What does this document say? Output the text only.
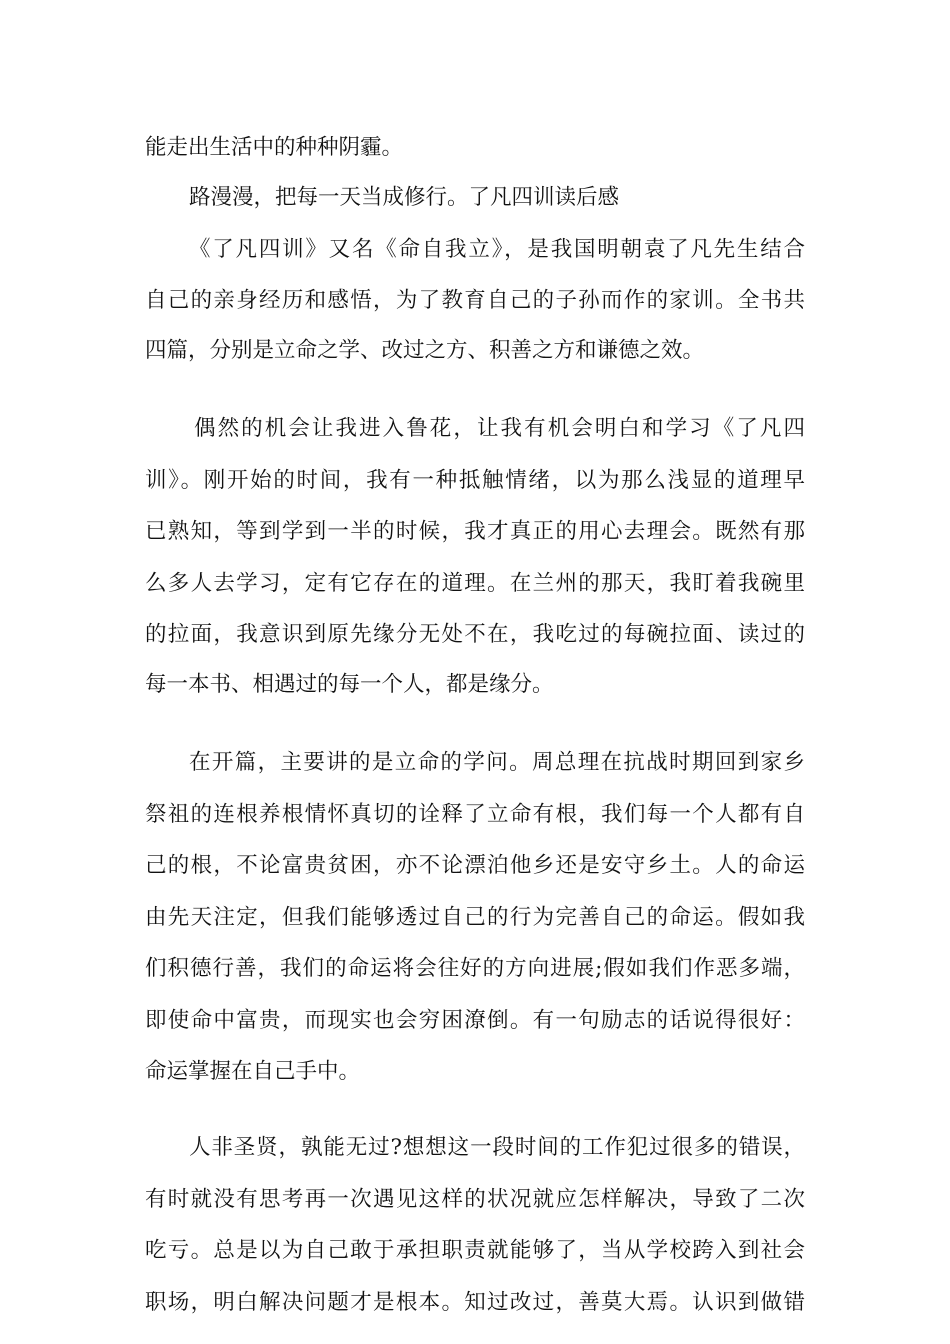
能走出生活中的种种阴霾。
路漫漫，把每一天当成修行。了凡四训读后感
《了凡四训》又名《命自我立》，是我国明朝袁了凡先生结合
自己的亲身经历和感悟，为了教育自己的子孙而作的家训。全书共
四篇，分别是立命之学、改过之方、积善之方和谦德之效。
偶然的机会让我进入鲁花，让我有机会明白和学习《了凡四
训》。刚开始的时间，我有一种抵触情绪，以为那么浅显的道理早
已熟知，等到学到一半的时候，我才真正的用心去理会。既然有那
么多人去学习，定有它存在的道理。在兰州的那天，我盯着我碗里
的拉面，我意识到原先缘分无处不在，我吃过的每碗拉面、读过的
每一本书、相遇过的每一个人，都是缘分。
在开篇，主要讲的是立命的学问。周总理在抗战时期回到家乡
祭祖的连根养根情怀真切的诠释了立命有根，我们每一个人都有自
己的根，不论富贵贫困，亦不论漂泊他乡还是安守乡土。人的命运
由先天注定，但我们能够透过自己的行为完善自己的命运。假如我
们积德行善，我们的命运将会往好的方向进展;假如我们作恶多端，
即使命中富贵，而现实也会穷困潦倒。有一句励志的话说得很好：
命运掌握在自己手中。
人非圣贤，孰能无过?想想这一段时间的工作犯过很多的错误，
有时就没有思考再一次遇见这样的状况就应怎样解决，导致了二次
吃亏。总是以为自己敢于承担职责就能够了，当从学校跨入到社会
职场，明白解决问题才是根本。知过改过，善莫大焉。认识到做错
